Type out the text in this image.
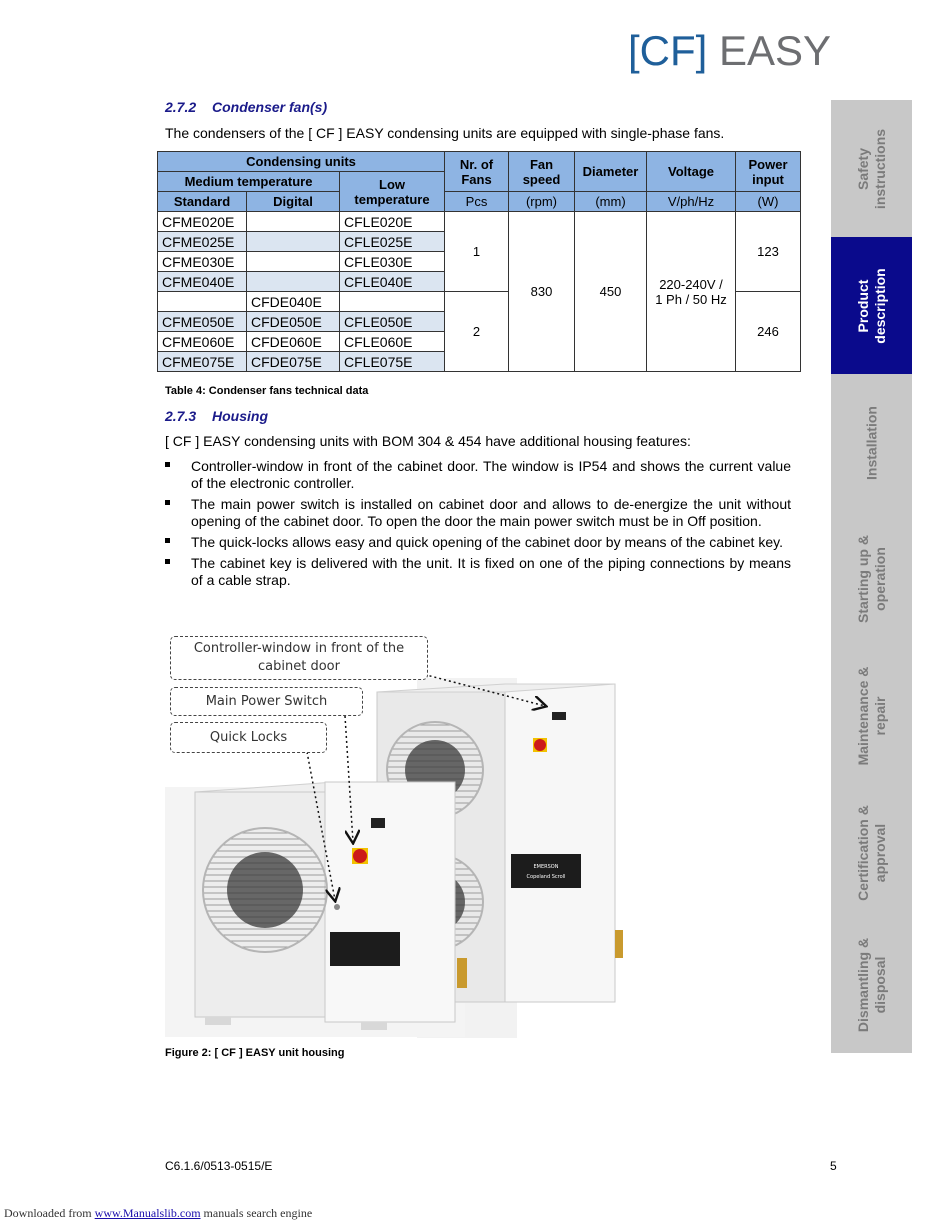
[CF] EASY
2.7.2 Condenser fan(s)
The condensers of the [ CF ] EASY condensing units are equipped with single-phase fans.
Condensing units			Nr. of Fans	Fan speed	Diameter	Voltage	Power input
Medium temperature		Low temperature					
Standard	Digital		Pcs	(rpm)	(mm)	V/ph/Hz	(W)
CFME020E		CFLE020E	1	830	450	220-240V /
1 Ph / 50 Hz	123
CFME025E		CFLE025E					
CFME030E		CFLE030E					
CFME040E		CFLE040E					
	CFDE040E		2				246
CFME050E	CFDE050E	CFLE050E					
CFME060E	CFDE060E	CFLE060E					
CFME075E	CFDE075E	CFLE075E					
Table 4: Condenser fans technical data
2.7.3 Housing
[ CF ] EASY condensing units with BOM 304 & 454 have additional housing features:
Controller-window in front of the cabinet door. The window is IP54 and shows the current value of the electronic controller.
The main power switch is installed on cabinet door and allows to de-energize the unit without opening of the cabinet door. To open the door the main power switch must be in Off position.
The quick-locks allows easy and quick opening of the cabinet door by means of the cabinet key.
The cabinet key is delivered with the unit. It is fixed on one of the piping connections by means of a cable strap.
EMERSON
Copeland Scroll
Controller-window in front of the
cabinet door
Main Power Switch
Quick Locks
Figure 2: [ CF ] EASY unit housing
Safety
instructions
Product
description
Installation
Starting up &
operation
Maintenance &
repair
Certification &
approval
Dismantling &
disposal
C6.1.6/0513-0515/E	5
Downloaded from www.Manualslib.com manuals search engine
